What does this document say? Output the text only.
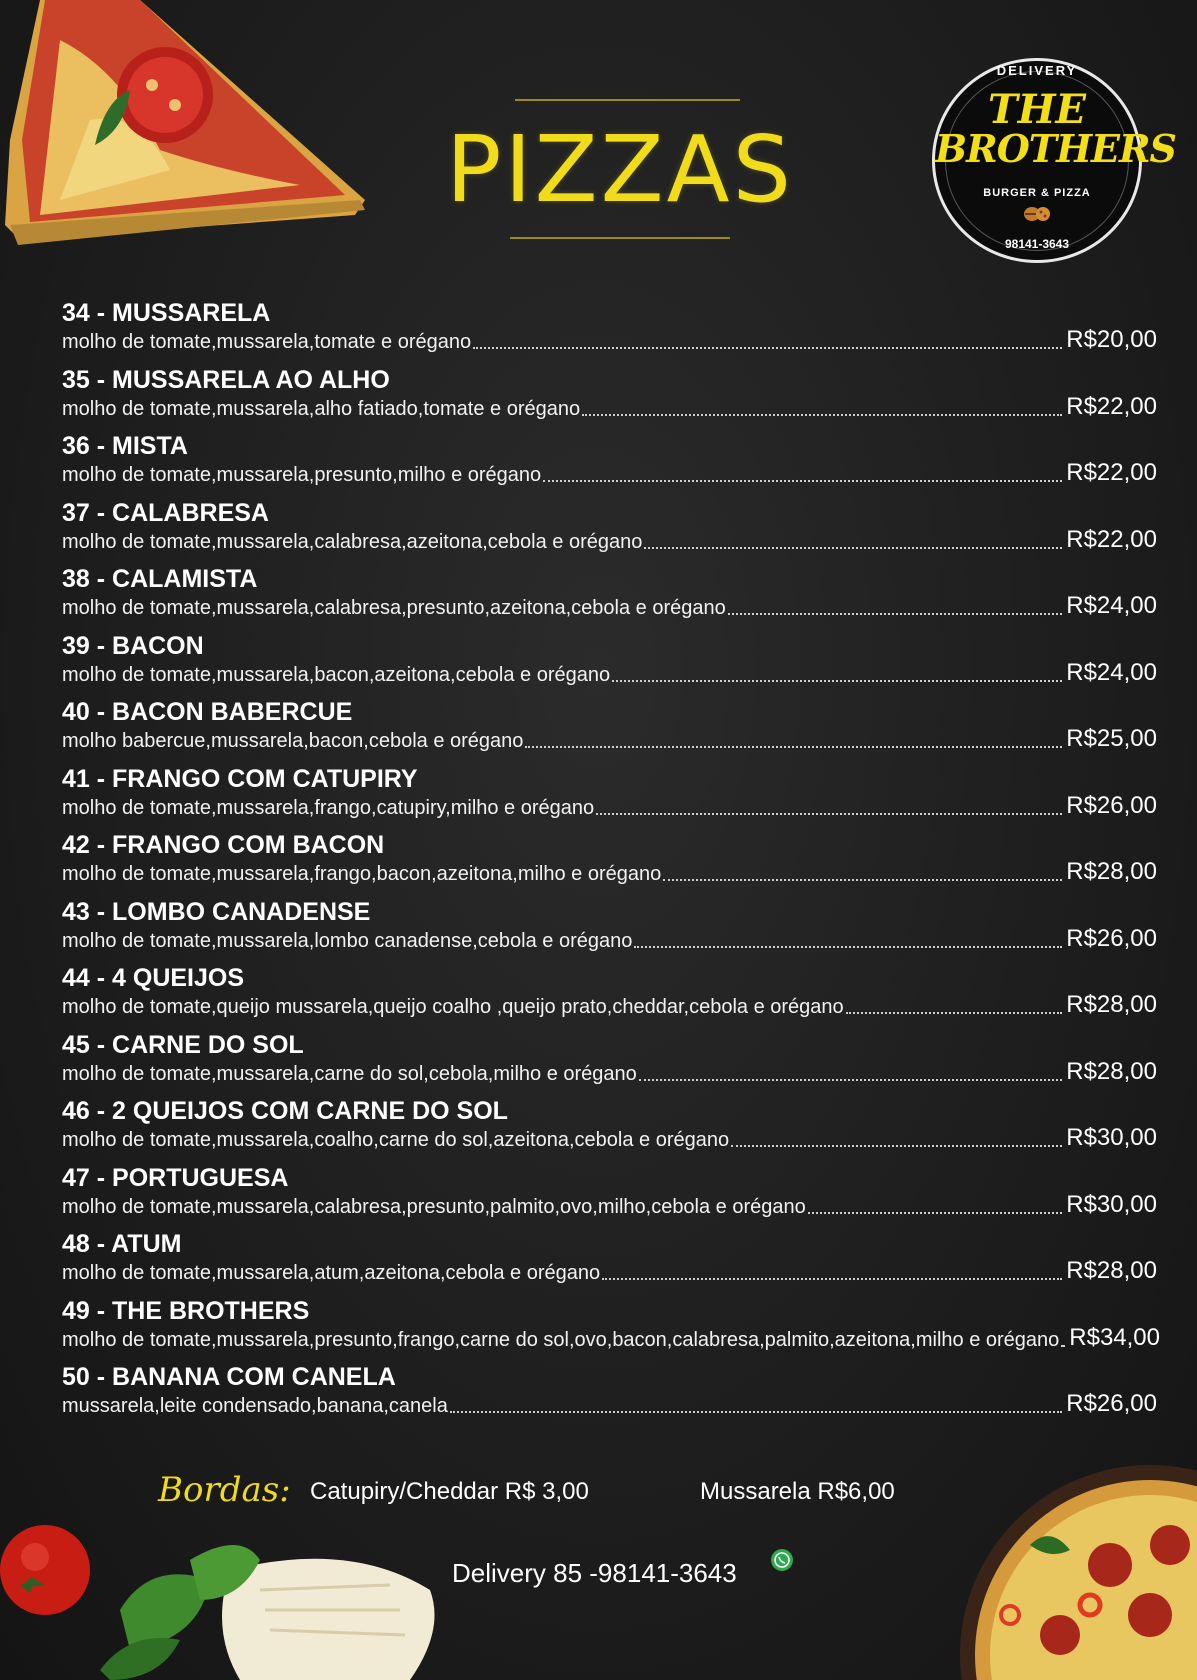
PIZZAS
DELIVERY
THE
BROTHERS
BURGER & PIZZA
98141-3643
34 - MUSSARELA
molho de tomate,mussarela,tomate e orégano	R$20,00
35 - MUSSARELA AO ALHO
molho de tomate,mussarela,alho fatiado,tomate e orégano	R$22,00
36 - MISTA
molho de tomate,mussarela,presunto,milho e orégano	R$22,00
37 - CALABRESA
molho de tomate,mussarela,calabresa,azeitona,cebola e orégano	R$22,00
38 - CALAMISTA
molho de tomate,mussarela,calabresa,presunto,azeitona,cebola e orégano	R$24,00
39 - BACON
molho de tomate,mussarela,bacon,azeitona,cebola e orégano	R$24,00
40 - BACON BABERCUE
molho babercue,mussarela,bacon,cebola e orégano	R$25,00
41 - FRANGO COM CATUPIRY
molho de tomate,mussarela,frango,catupiry,milho e orégano	R$26,00
42 - FRANGO COM BACON
molho de tomate,mussarela,frango,bacon,azeitona,milho e orégano	R$28,00
43 - LOMBO CANADENSE
molho de tomate,mussarela,lombo canadense,cebola e orégano	R$26,00
44 - 4 QUEIJOS
molho de tomate,queijo mussarela,queijo coalho ,queijo prato,cheddar,cebola e orégano	R$28,00
45 - CARNE DO SOL
molho de tomate,mussarela,carne do sol,cebola,milho e orégano	R$28,00
46 - 2 QUEIJOS COM CARNE DO SOL
molho de tomate,mussarela,coalho,carne do sol,azeitona,cebola e orégano	R$30,00
47 - PORTUGUESA
molho de tomate,mussarela,calabresa,presunto,palmito,ovo,milho,cebola e orégano	R$30,00
48 - ATUM
molho de tomate,mussarela,atum,azeitona,cebola e orégano	R$28,00
49 - THE BROTHERS
molho de tomate,mussarela,presunto,frango,carne do sol,ovo,bacon,calabresa,palmito,azeitona,milho e orégano R$34,00
50 - BANANA COM CANELA
mussarela,leite condensado,banana,canela	R$26,00
Bordas: Catupiry/Cheddar R$ 3,00	Mussarela R$6,00
Delivery 85 -98141-3643
